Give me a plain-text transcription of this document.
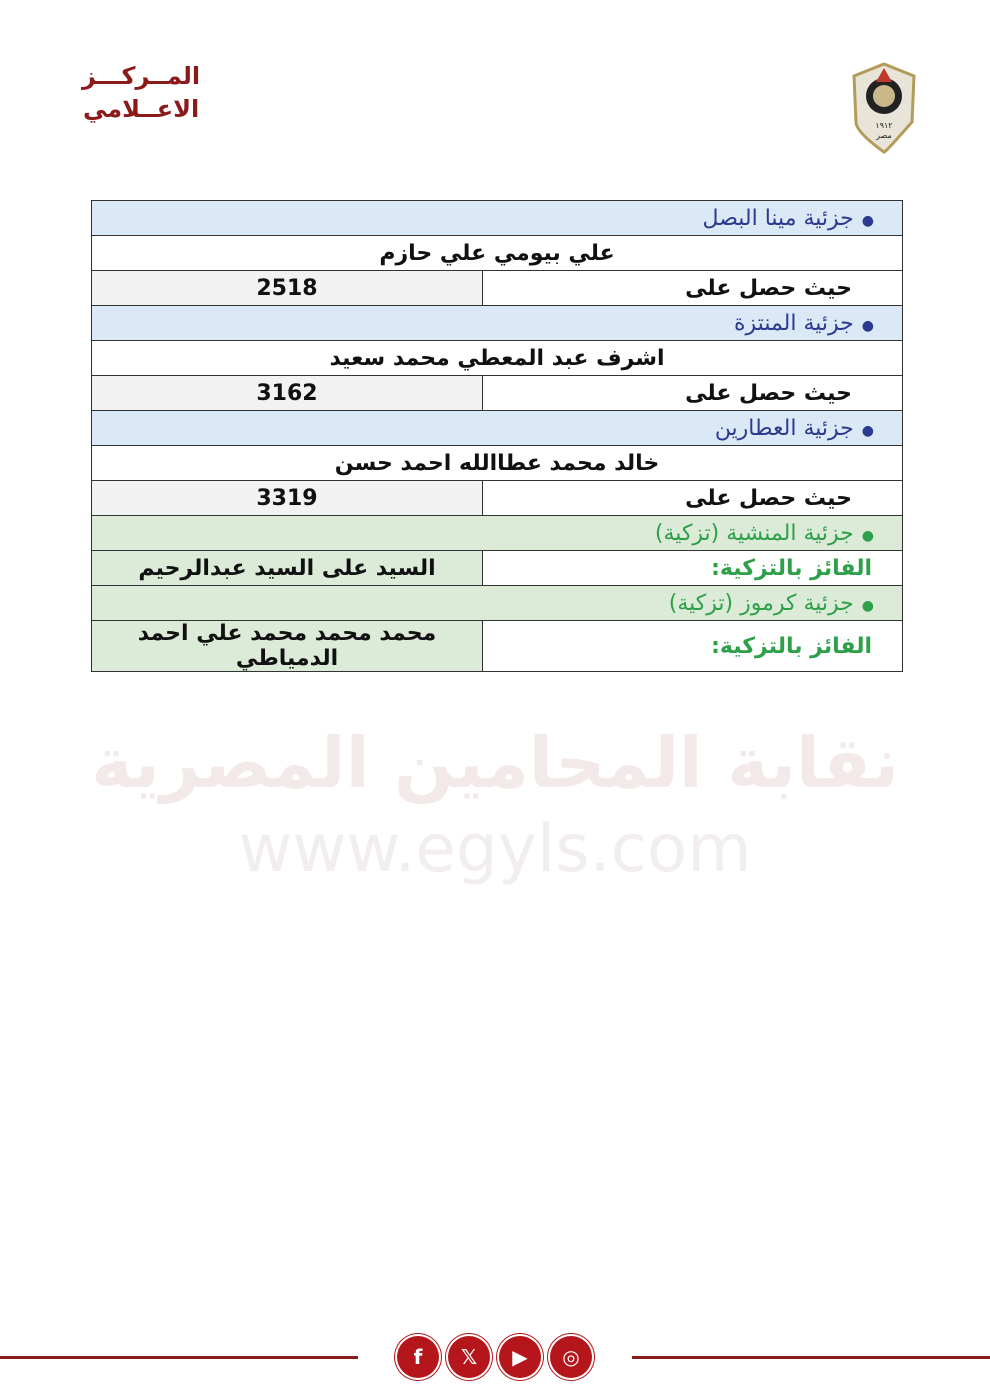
المــركـــز
الاعــلامي
١٩١٢
مصر
نقابة المحامين المصرية
www.egyls.com
●جزئية مينا البصل	
علي بيومي علي حازم	
حيث حصل على	2518
●جزئية المنتزة	
اشرف عبد المعطي محمد سعيد	
حيث حصل على	3162
●جزئية العطارين	
خالد محمد عطاالله احمد حسن	
حيث حصل على	3319
●جزئية المنشية (تزكية)	
الفائز بالتزكية:	السيد على السيد عبدالرحيم
●جزئية كرموز (تزكية)	
الفائز بالتزكية:	محمد محمد محمد علي احمد الدمياطي
f	𝕏	▶	◎
